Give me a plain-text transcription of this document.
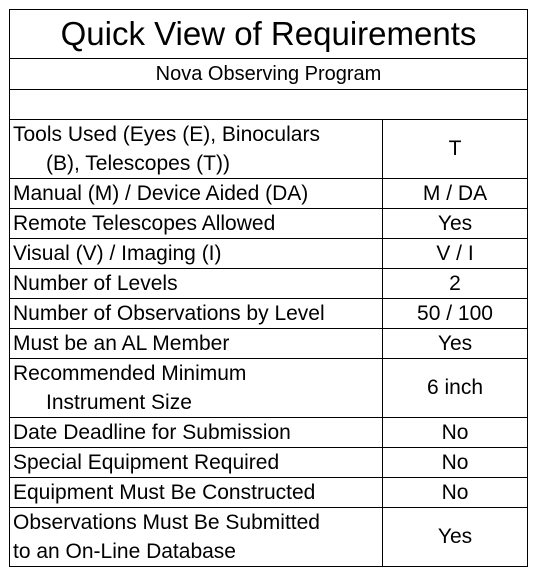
Quick View of Requirements	
Nova Observing Program	

Tools Used (Eyes (E), Binoculars
(B), Telescopes (T))	T
Manual (M) / Device Aided (DA)	M / DA
Remote Telescopes Allowed	Yes
Visual (V) / Imaging (I)	V / I
Number of Levels	2
Number of Observations by Level	50 / 100
Must be an AL Member	Yes

Recommended Minimum
Instrument Size	6 inch
Date Deadline for Submission	No
Special Equipment Required	No
Equipment Must Be Constructed	No

Observations Must Be Submitted
to an On-Line Database	Yes
